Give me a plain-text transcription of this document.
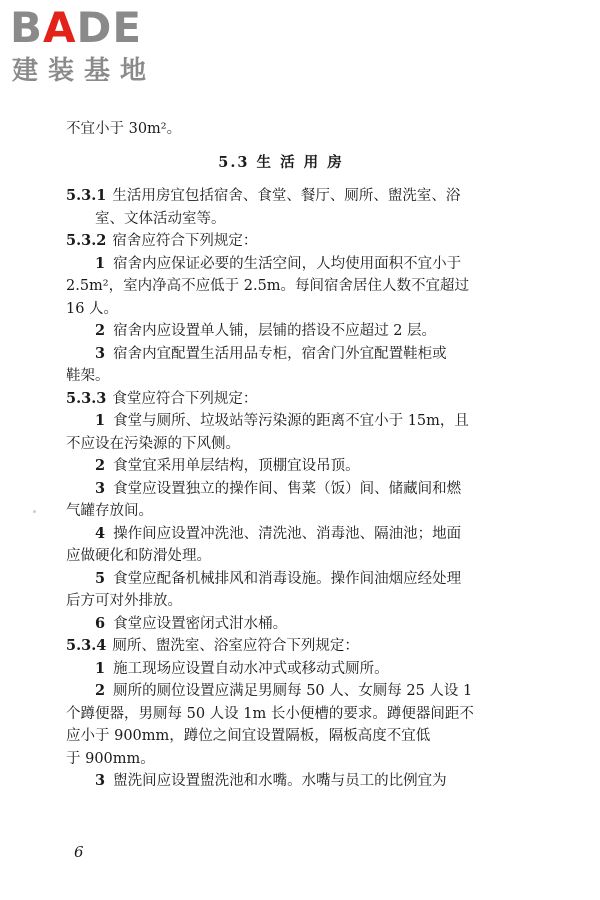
BADE
建装基地

不宜小于 30m²。

5.3 生 活 用 房

5.3.1 生活用房宜包括宿舍、食堂、餐厅、厕所、盥洗室、浴

室、文体活动室等。

5.3.2 宿舍应符合下列规定：

1 宿舍内应保证必要的生活空间，人均使用面积不宜小于

2.5m²，室内净高不应低于 2.5m。每间宿舍居住人数不宜超过

16 人。

2 宿舍内应设置单人铺，层铺的搭设不应超过 2 层。

3 宿舍内宜配置生活用品专柜，宿舍门外宜配置鞋柜或

鞋架。

5.3.3 食堂应符合下列规定：

1 食堂与厕所、垃圾站等污染源的距离不宜小于 15m，且

不应设在污染源的下风侧。

2 食堂宜采用单层结构，顶棚宜设吊顶。

3 食堂应设置独立的操作间、售菜（饭）间、储藏间和燃

气罐存放间。

4 操作间应设置冲洗池、清洗池、消毒池、隔油池；地面

应做硬化和防滑处理。

5 食堂应配备机械排风和消毒设施。操作间油烟应经处理

后方可对外排放。

6 食堂应设置密闭式泔水桶。

5.3.4 厕所、盥洗室、浴室应符合下列规定：

1 施工现场应设置自动水冲式或移动式厕所。

2 厕所的厕位设置应满足男厕每 50 人、女厕每 25 人设 1

个蹲便器，男厕每 50 人设 1m 长小便槽的要求。蹲便器间距不

应小于 900mm，蹲位之间宜设置隔板，隔板高度不宜低

于 900mm。

3 盥洗间应设置盥洗池和水嘴。水嘴与员工的比例宜为

6
